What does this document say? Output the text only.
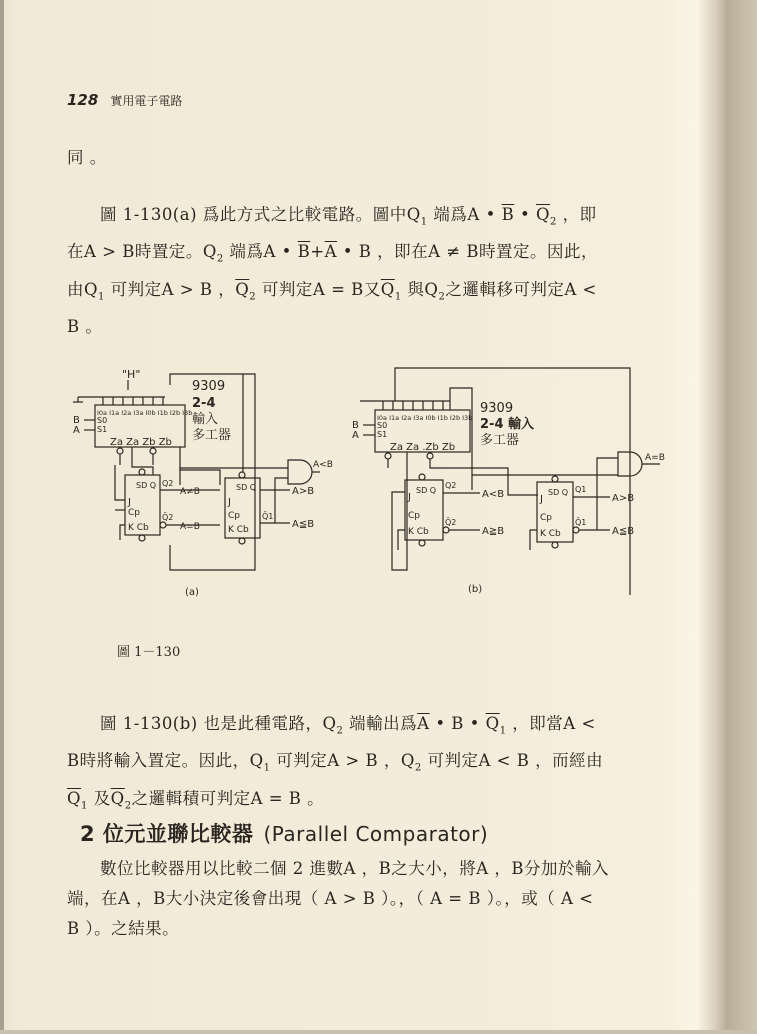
128 實用電子電路
同 。
圖 1-130(a) 爲此方式之比較電路。圖中$Q_1$ 端爲A • $\overline{B}$ • $\overline{Q}_2$ ，即
在A > B時置定。$Q_2$ 端爲A • $\overline{B}+\overline{A}$ • B ，即在A ≠ B時置定。因此，
由$Q_1$ 可判定A > B ，$\overline{Q}_2$ 可判定A = B又$\overline{Q}_1$ 與$Q_2$之邏輯移可判定A <
B 。
"H"
9309
2-4
輸入
多工器
B
A
I0a I1a I2a I3a I0b I1b I2b I3b
S0
S1
Za Za Zb Zb
J
SD Q
Cp
K Cb
Q2
Q̄2
A≠B
A=B
J
SD Q
Cp
K Cb
Q̄1
A<B
A>B
A≦B
(a)
9309
2-4 輸入
多工器
B
A
I0a I1a I2a I3a I0b I1b I2b I3b
S0
S1
Za Za .Zb Zb
J
SD Q
Cp
K Cb
Q2
Q̄2
A<B
A≧B
J
SD Q
Cp
K Cb
Q1
Q̄1
A=B
A>B
A≦B
(b)
圖 1－130
圖 1-130(b) 也是此種電路，$Q_2$ 端輸出爲$\overline{A}$ • B • $\overline{Q}_1$ ，即當A <
B時將輸入置定。因此，$Q_1$ 可判定A > B ，$Q_2$ 可判定A < B ，而經由
$\overline{Q}_1$ 及$\overline{Q}_2$之邏輯積可判定A = B 。
2 位元並聯比較器 (Parallel Comparator)
數位比較器用以比較二個 2 進數A ，B之大小，將A ，B分加於輸入
端，在A ，B大小決定後會出現（ A > B ）。，（ A = B ）。，或（ A <
B ）。之結果。
